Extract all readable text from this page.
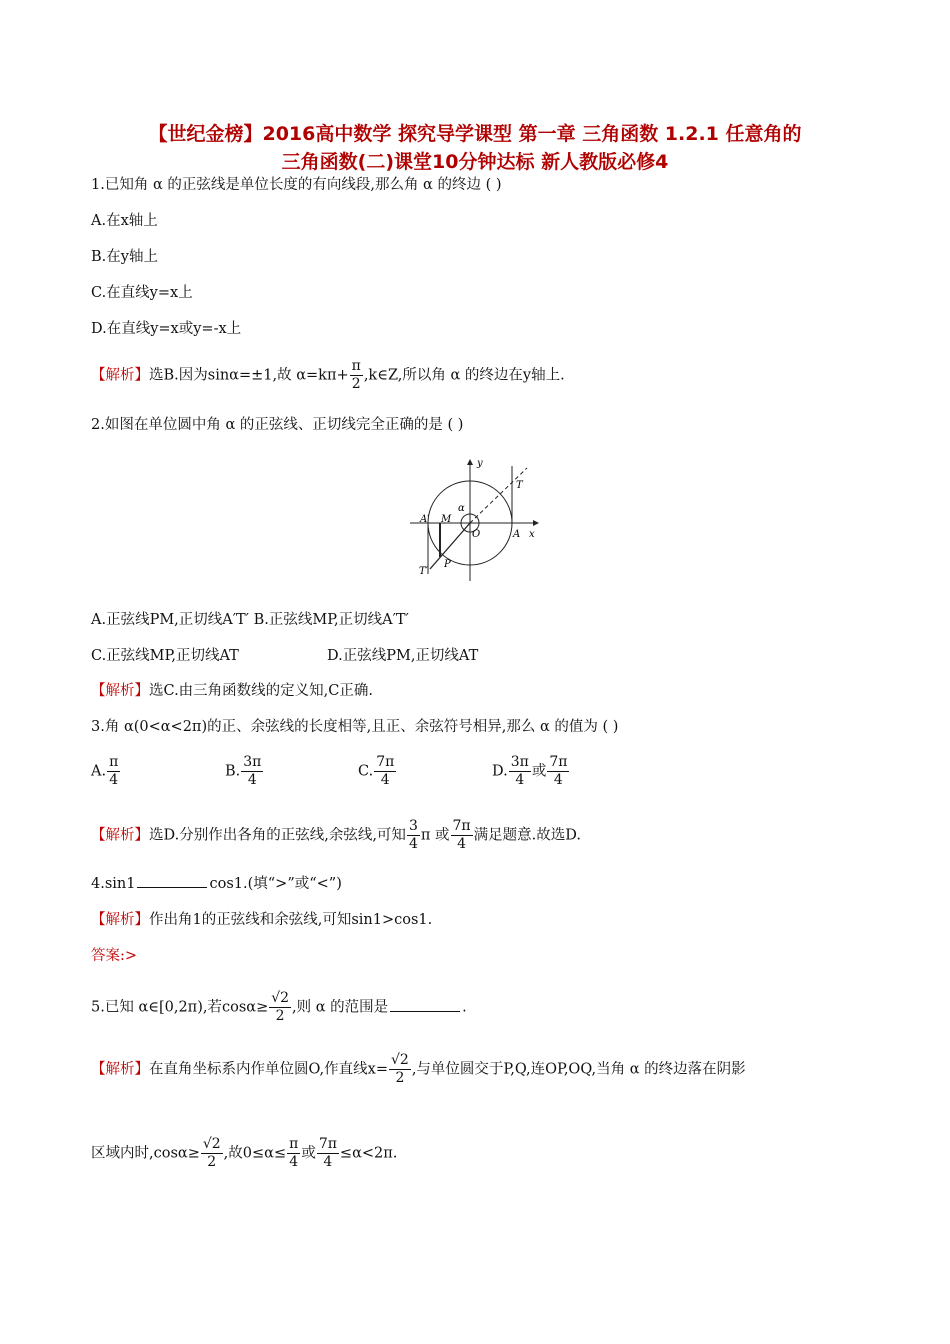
【世纪金榜】2016高中数学 探究导学课型 第一章 三角函数 1.2.1 任意角的
三角函数(二)课堂10分钟达标 新人教版必修4
1.已知角 α 的正弦线是单位长度的有向线段,那么角 α 的终边 ( )
A.在x轴上
B.在y轴上
C.在直线y=x上
D.在直线y=x或y=-x上
【解析】选B.因为sinα=±1,故 $\alpha=k\pi+ \frac{\pi}{2}$ ,k∈Z,所以角 α 的终边在y轴上.
2.如图在单位圆中角 α 的正弦线、正切线完全正确的是 ( )
y
x
T
A
O
M
P
A′
T′
α
A.正弦线PM,正切线A′T′ B.正弦线MP,正切线A′T′
C.正弦线MP,正切线AT	D.正弦线PM,正切线AT
【解析】选C.由三角函数线的定义知,C正确.
3.角 α(0<α<2π)的正、余弦线的长度相等,且正、余弦符号相异,那么 α 的值为 ( )
A. $\frac{\pi}{4}$	B. $\frac{3\pi}{4}$	C. $\frac{7\pi}{4}$	D. $\frac{3\pi}{4}$ 或 $\frac{7\pi}{4}$
【解析】选D.分别作出各角的正弦线,余弦线,可知 $\frac{3}{4}$ π 或 $\frac{7\pi}{4}$ 满足题意.故选D.
4.sin1	cos1.(填“>”或“<”)
【解析】作出角1的正弦线和余弦线,可知sin1>cos1.
答案:>
5.已知 α∈[0,2π),若$\cos\alpha\ge \frac{√2}{2}$ ,则 α 的范围是	.
【解析】在直角坐标系内作单位圆O,作直线$x= \frac{√2}{2}$ ,与单位圆交于P,Q,连OP,OQ,当角 α 的终边落在阴影
区域内时$,\cos\alpha\ge \frac{√2}{2}$ ,故$0\le\alpha\le \frac{\pi}{4}$ 或 $\frac{7\pi}{4} \le\alpha<2\pi$.
